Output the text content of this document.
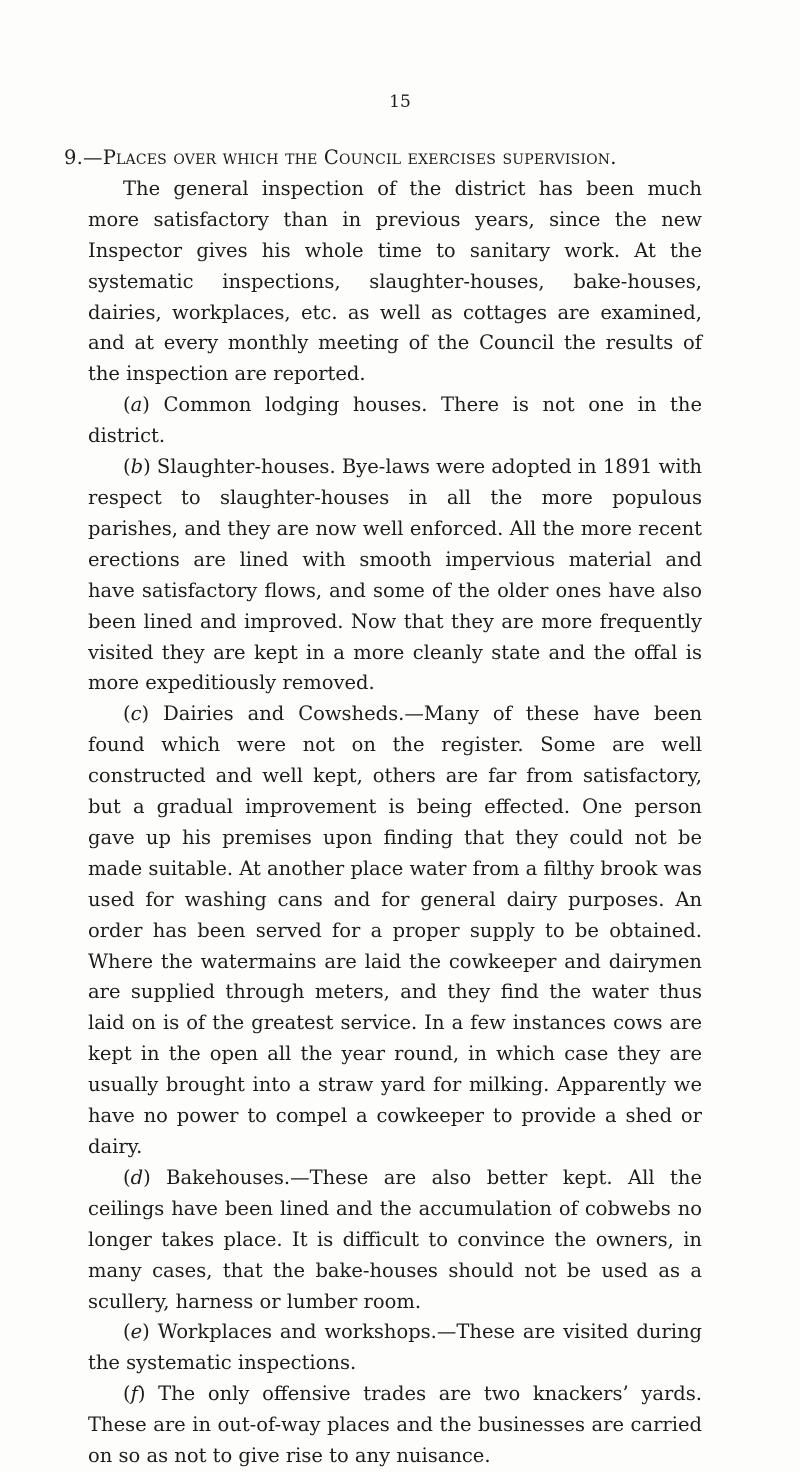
15
9.—Places over which the Council exercises supervision.

The general inspection of the district has been much more satisfactory than in previous years, since the new Inspector gives his whole time to sanitary work. At the systematic inspections, slaughter-houses, bake-houses, dairies, workplaces, etc. as well as cottages are examined, and at every monthly meeting of the Council the results of the inspection are reported.

(a) Common lodging houses. There is not one in the district.

(b) Slaughter-houses. Bye-laws were adopted in 1891 with respect to slaughter-houses in all the more populous parishes, and they are now well enforced. All the more recent erections are lined with smooth impervious material and have satisfactory flows, and some of the older ones have also been lined and improved. Now that they are more frequently visited they are kept in a more cleanly state and the offal is more expeditiously removed.

(c) Dairies and Cowsheds.—Many of these have been found which were not on the register. Some are well constructed and well kept, others are far from satisfactory, but a gradual improvement is being effected. One person gave up his premises upon finding that they could not be made suitable. At another place water from a filthy brook was used for washing cans and for general dairy purposes. An order has been served for a proper supply to be obtained. Where the watermains are laid the cowkeeper and dairymen are supplied through meters, and they find the water thus laid on is of the greatest service. In a few instances cows are kept in the open all the year round, in which case they are usually brought into a straw yard for milking. Apparently we have no power to compel a cowkeeper to provide a shed or dairy.

(d) Bakehouses.—These are also better kept. All the ceilings have been lined and the accumulation of cobwebs no longer takes place. It is difficult to convince the owners, in many cases, that the bake-houses should not be used as a scullery, harness or lumber room.

(e) Workplaces and workshops.—These are visited during the systematic inspections.

(f) The only offensive trades are two knackers’ yards. These are in out-of-way places and the businesses are carried on so as not to give rise to any nuisance.
